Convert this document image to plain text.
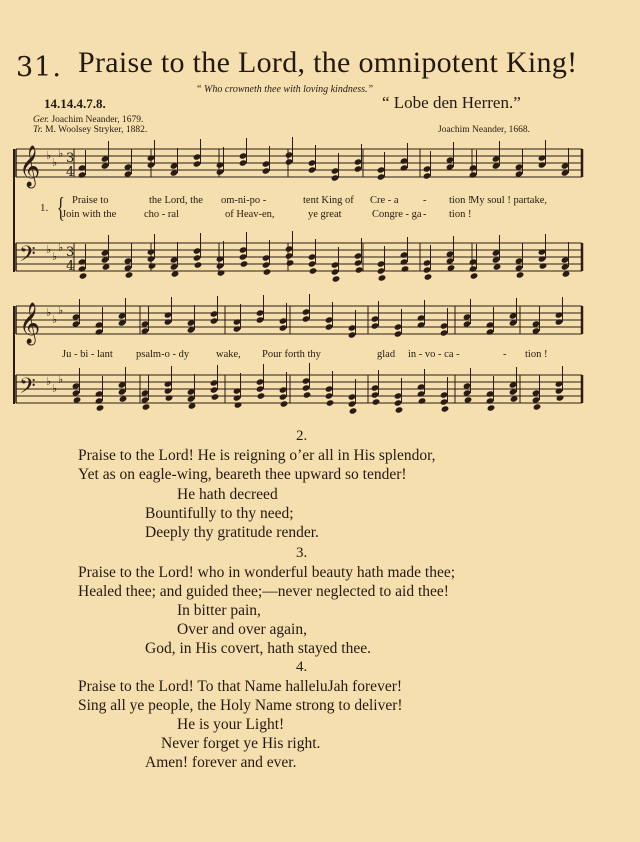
31. Praise to the Lord, the omnipotent King!
“ Who crowneth thee with loving kindness.”
14.14.4.7.8.	“ Lobe den Herren.”
Ger. Joachim Neander, 1679.
Tr. M. Woolsey Stryker, 1882.	Joachim Neander, 1668.
𝄞 ♭
♭
♭ 3
4
𝄢 ♭
♭
♭ 3
4
𝄞 ♭
♭
♭
𝄢 ♭
♭
♭
1. { Praise to	the Lord, the om-ni-po -	tent King of Cre - a - tion !
My soul ! partake,
Join with the	cho - ral	of Heav-en,	ye great	Congre - ga - tion !
Ju - bi - lant psalm-o - dy	wake, Pour forth thy	glad in - vo - ca -	- tion !
2.
Praise to the Lord! He is reigning o’er all in His splendor,
Yet as on eagle-wing, beareth thee upward so tender!
He hath decreed
Bountifully to thy need;
Deeply thy gratitude render.
3.
Praise to the Lord! who in wonderful beauty hath made thee;
Healed thee; and guided thee;—never neglected to aid thee!
In bitter pain,
Over and over again,
God, in His covert, hath stayed thee.
4.
Praise to the Lord! To that Name halleluJah forever!
Sing all ye people, the Holy Name strong to deliver!
He is your Light!
Never forget ye His right.
Amen! forever and ever.
